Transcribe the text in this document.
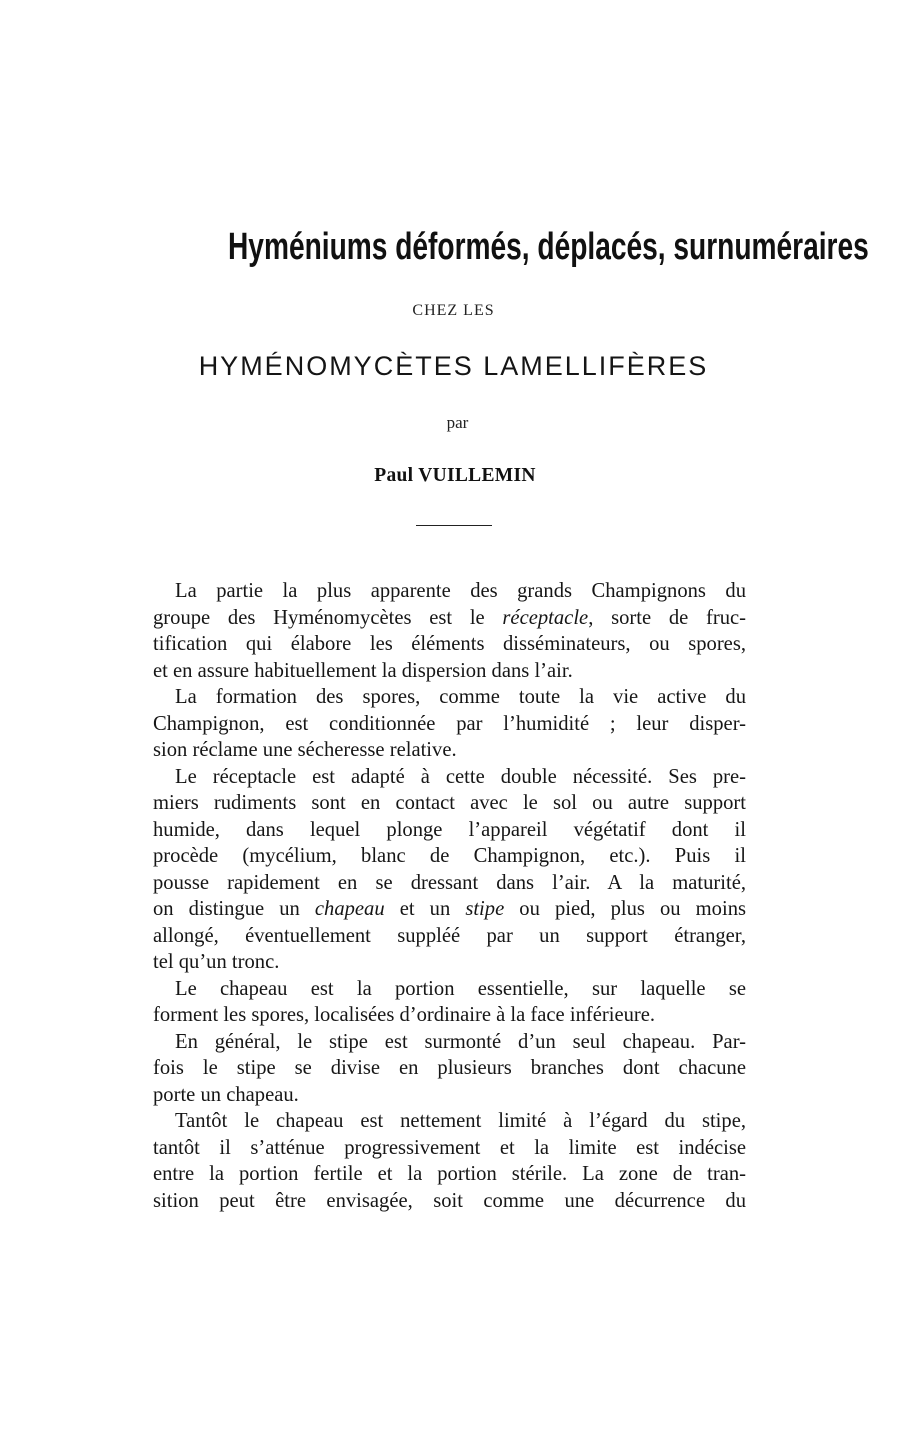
Hyméniums déformés, déplacés, surnuméraires
CHEZ LES
HYMÉNOMYCÈTES LAMELLIFÈRES
par
Paul VUILLEMIN
La partie la plus apparente des grands Champignons du
groupe des Hyménomycètes est le réceptacle, sorte de fruc-
tification qui élabore les éléments disséminateurs, ou spores,
et en assure habituellement la dispersion dans l’air.
La formation des spores, comme toute la vie active du
Champignon, est conditionnée par l’humidité ; leur disper-
sion réclame une sécheresse relative.
Le réceptacle est adapté à cette double nécessité. Ses pre-
miers rudiments sont en contact avec le sol ou autre support
humide, dans lequel plonge l’appareil végétatif dont il
procède (mycélium, blanc de Champignon, etc.). Puis il
pousse rapidement en se dressant dans l’air. A la maturité,
on distingue un chapeau et un stipe ou pied, plus ou moins
allongé, éventuellement suppléé par un support étranger,
tel qu’un tronc.
Le chapeau est la portion essentielle, sur laquelle se
forment les spores, localisées d’ordinaire à la face inférieure.
En général, le stipe est surmonté d’un seul chapeau. Par-
fois le stipe se divise en plusieurs branches dont chacune
porte un chapeau.
Tantôt le chapeau est nettement limité à l’égard du stipe,
tantôt il s’atténue progressivement et la limite est indécise
entre la portion fertile et la portion stérile. La zone de tran-
sition peut être envisagée, soit comme une décurrence du
